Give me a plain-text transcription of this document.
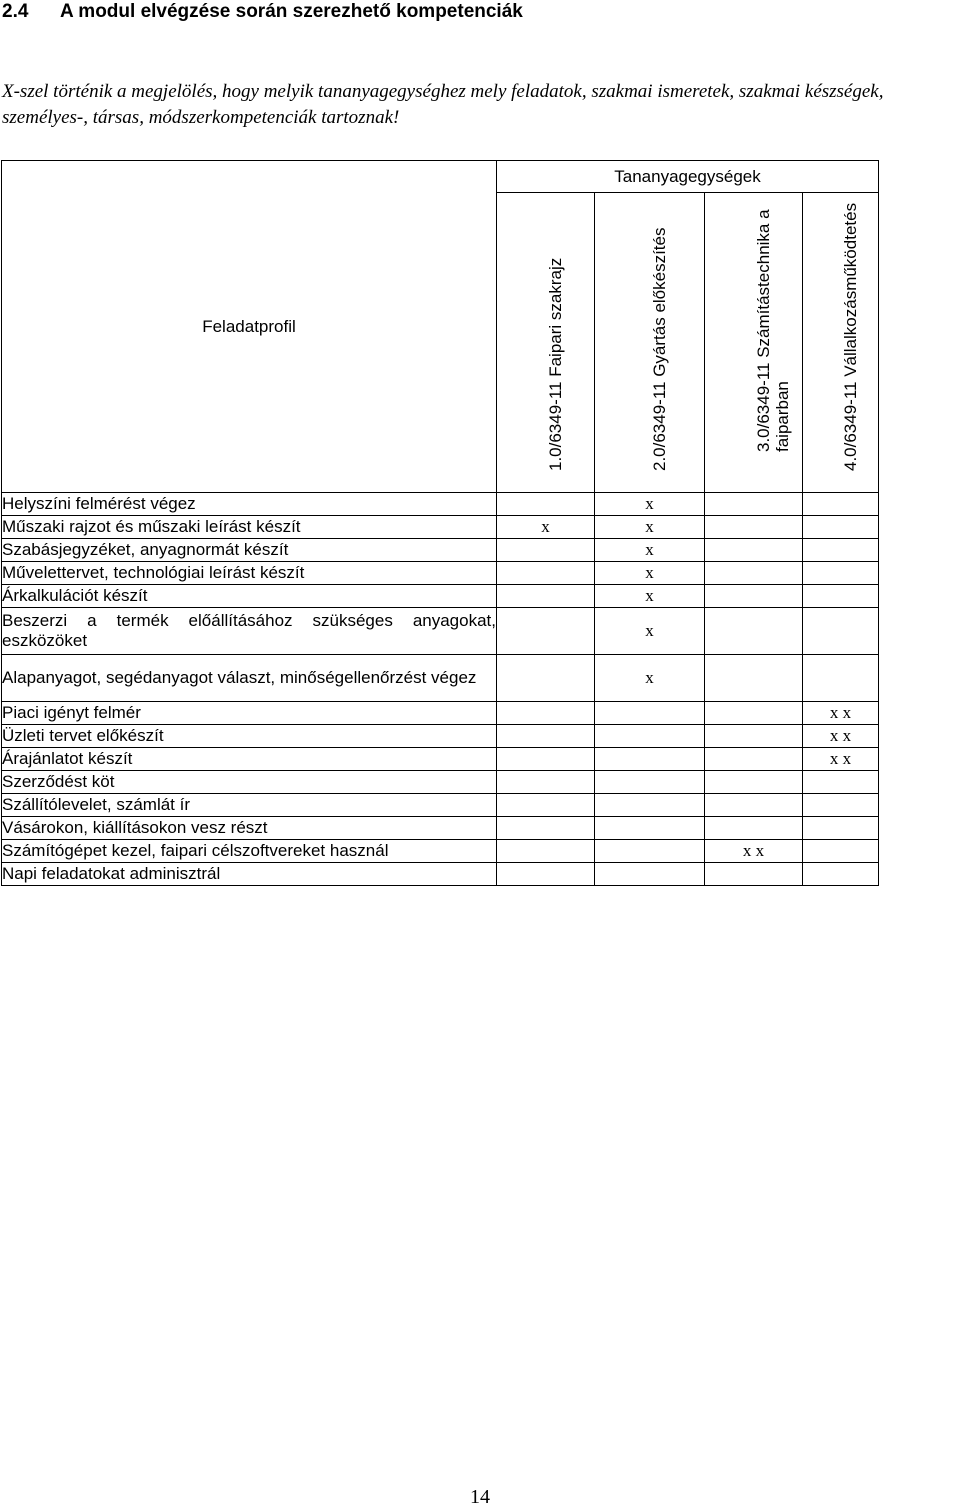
2.4 A modul elvégzése során szerezhető kompetenciák
X-szel történik a megjelölés, hogy melyik tananyagegységhez mely feladatok, szakmai ismeretek, szakmai készségek, személyes-, társas, módszerkompetenciák tartoznak!
Feladatprofil	Tananyagegységek			

	1.0/6349-11 Faipari szakrajz	2.0/6349-11 Gyártás előkészítés	3.0/6349-11 Számítástechnika a faiparban	4.0/6349-11 Vállalkozásműködtetés

Helyszíni felmérést végez		x		
Műszaki rajzot és műszaki leírást készít	x	x		
Szabásjegyzéket, anyagnormát készít		x		
Művelettervet, technológiai leírást készít		x		
Árkalkulációt készít		x		
Beszerzi a termék előállításához szükséges anyagokat, eszközöket		x		
Alapanyagot, segédanyagot választ, minőségellenőrzést végez		x		
Piaci igényt felmér				x x
Üzleti tervet előkészít				x x
Árajánlatot készít				x x
Szerződést köt				
Szállítólevelet, számlát ír				
Vásárokon, kiállításokon vesz részt				
Számítógépet kezel, faipari célszoftvereket használ			x x	
Napi feladatokat adminisztrál				
14
